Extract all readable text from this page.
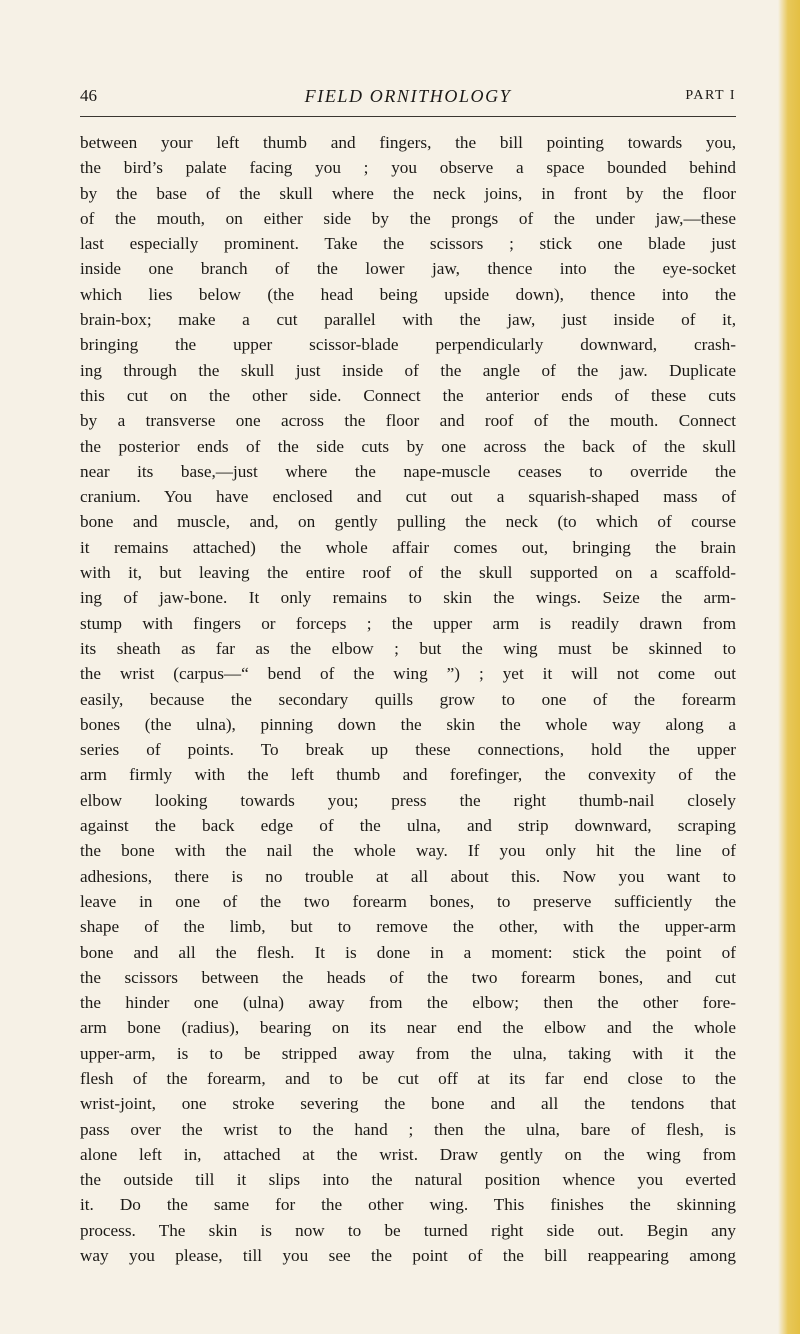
46	FIELD ORNITHOLOGY	PART I
between your left thumb and fingers, the bill pointing towards you,
the bird’s palate facing you ; you observe a space bounded behind
by the base of the skull where the neck joins, in front by the floor
of the mouth, on either side by the prongs of the under jaw,—these
last especially prominent. Take the scissors ; stick one blade just
inside one branch of the lower jaw, thence into the eye-socket
which lies below (the head being upside down), thence into the
brain-box; make a cut parallel with the jaw, just inside of it,
bringing the upper scissor-blade perpendicularly downward, crash-
ing through the skull just inside of the angle of the jaw. Duplicate
this cut on the other side. Connect the anterior ends of these cuts
by a transverse one across the floor and roof of the mouth. Connect
the posterior ends of the side cuts by one across the back of the skull
near its base,—just where the nape-muscle ceases to override the
cranium. You have enclosed and cut out a squarish-shaped mass of
bone and muscle, and, on gently pulling the neck (to which of course
it remains attached) the whole affair comes out, bringing the brain
with it, but leaving the entire roof of the skull supported on a scaffold-
ing of jaw-bone. It only remains to skin the wings. Seize the arm-
stump with fingers or forceps ; the upper arm is readily drawn from
its sheath as far as the elbow ; but the wing must be skinned to
the wrist (carpus—“ bend of the wing ”) ; yet it will not come out
easily, because the secondary quills grow to one of the forearm
bones (the ulna), pinning down the skin the whole way along a
series of points. To break up these connections, hold the upper
arm firmly with the left thumb and forefinger, the convexity of the
elbow looking towards you; press the right thumb-nail closely
against the back edge of the ulna, and strip downward, scraping
the bone with the nail the whole way. If you only hit the line of
adhesions, there is no trouble at all about this. Now you want to
leave in one of the two forearm bones, to preserve sufficiently the
shape of the limb, but to remove the other, with the upper-arm
bone and all the flesh. It is done in a moment: stick the point of
the scissors between the heads of the two forearm bones, and cut
the hinder one (ulna) away from the elbow; then the other fore-
arm bone (radius), bearing on its near end the elbow and the whole
upper-arm, is to be stripped away from the ulna, taking with it the
flesh of the forearm, and to be cut off at its far end close to the
wrist-joint, one stroke severing the bone and all the tendons that
pass over the wrist to the hand ; then the ulna, bare of flesh, is
alone left in, attached at the wrist. Draw gently on the wing from
the outside till it slips into the natural position whence you everted
it. Do the same for the other wing. This finishes the skinning
process. The skin is now to be turned right side out. Begin any
way you please, till you see the point of the bill reappearing among
